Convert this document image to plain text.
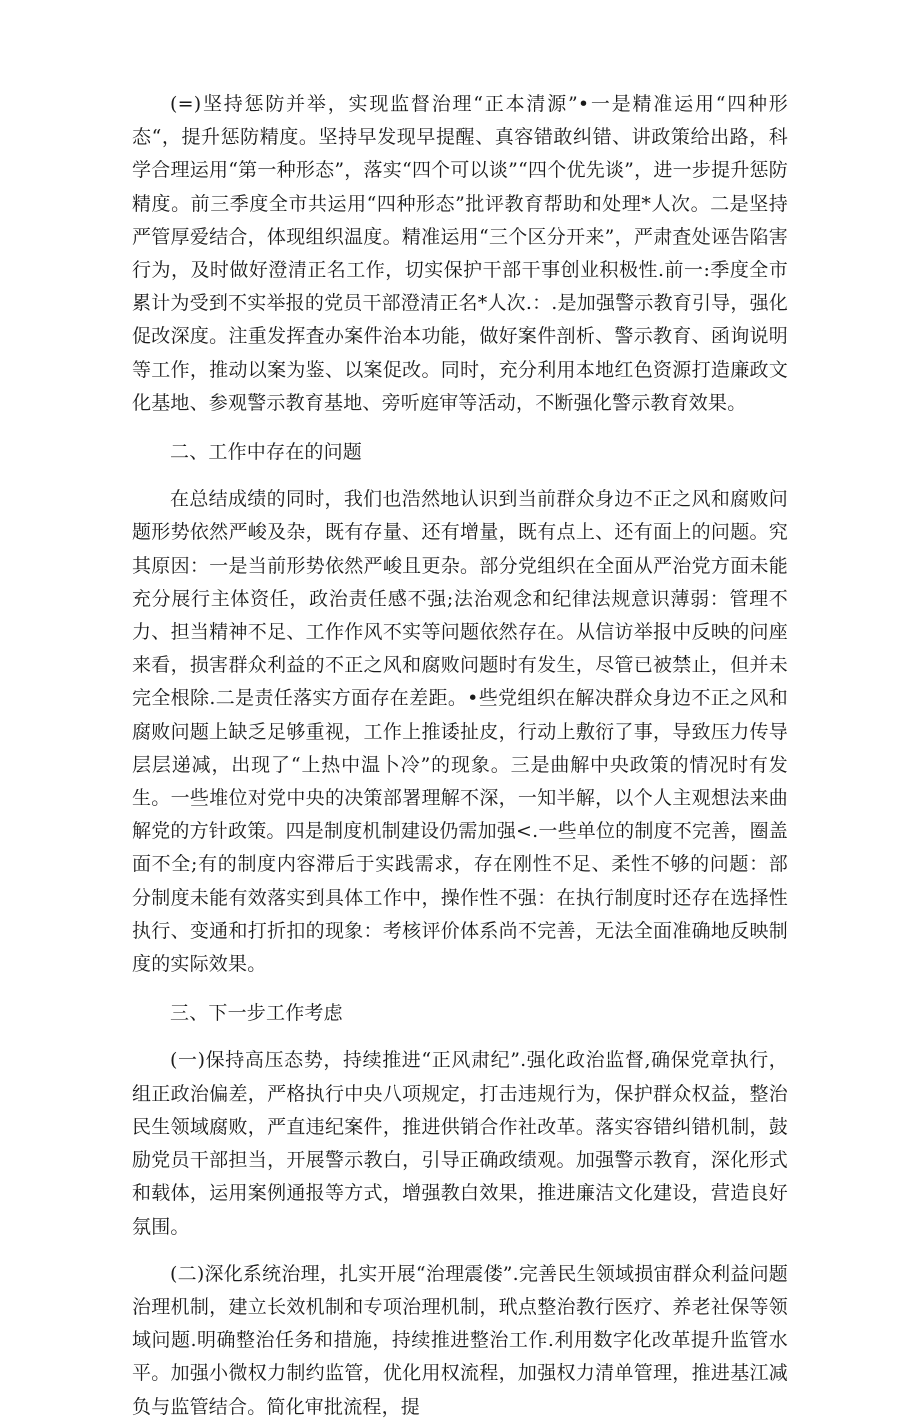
(=)坚持惩防并举，实现监督治理“正本清源”•一是精准运用“四种形态“，提升惩防精度。坚持早发现早提醒、真容错敢纠错、讲政策给出路，科学合理运用“第一种形态”，落实“四个可以谈”“四个优先谈”，进一步提升惩防精度。前三季度全市共运用“四种形态”批评教育帮助和处理*人次。二是坚持严管厚爱结合，体现组织温度。精准运用“三个区分开来”，严肃査处诬告陷害行为，及时做好澄清正名工作，切实保护干部干事创业积极性.前一:季度全市累计为受到不实举报的党员干部澄清正名*人次.：.是加强警示教育引导，强化促改深度。注重发挥査办案件治本功能，做好案件剖析、警示教育、函询说明等工作，推动以案为鉴、以案促改。同时，充分利用本地红色资源打造廉政文化基地、参观警示教育基地、旁听庭审等活动，不断强化警示教育效果。

二、工作中存在的问题

在总结成绩的同时，我们也浩然地认识到当前群众身边不正之风和腐败问题形势依然严峻及杂，既有存量、还有增量，既有点上、还有面上的问题。究其原因：一是当前形势依然严峻且更杂。部分党组织在全面从严治党方面未能充分展行主体资任，政治责任感不强;法治观念和纪律法规意识薄弱：管理不力、担当精神不足、工作作风不实等问题依然存在。从信访举报中反映的问座来看，损害群众利益的不正之风和腐败问题时有发生，尽管已被禁止，但并未完全根除.二是责任落实方面存在差距。•些党组织在解决群众身边不正之风和腐败问题上缺乏足够重视，工作上推诿扯皮，行动上敷衍了事，导致压力传导层层递减，出现了“上热中温卜冷”的现象。三是曲解中央政策的情况时有发生。一些堆位对党中央的决策部署理解不深，一知半解，以个人主观想法来曲解党的方针政策。四是制度机制建设仍需加强<.一些单位的制度不完善，圈盖面不全;有的制度内容滞后于实践需求，存在刚性不足、柔性不够的问题：部分制度未能有效落实到具体工作中，操作性不强：在执行制度时还存在选择性执行、变通和打折扣的现象：考核评价体系尚不完善，无法全面准确地反映制度的实际效果。

三、下一步工作考虑

(一)保持高压态势，持续推进“正风肃纪”.强化政治监督,确保党章执行，组正政治偏差，严格执行中央八项规定，打击违规行为，保护群众权益，整治民生领域腐败，严直违纪案件，推进供销合作社改革。落实容错纠错机制，鼓励党员干部担当，开展警示教白，引导正确政绩观。加强警示教育，深化形式和载体，运用案例通报等方式，增强教白效果，推进廉洁文化建设，营造良好氛围。

(二)深化系统治理，扎实开展“治理震偻”.完善民生领域损宙群众利益问题治理机制，建立长效机制和专项治理机制，玳点整治教行医疗、养老社保等领域问题.明确整治任务和措施，持续推进整治工作.利用数字化改革提升监管水平。加强小微权力制约监管，优化用权流程，加强权力清单管理，推进基江减负与监管结合。简化审批流程，提
